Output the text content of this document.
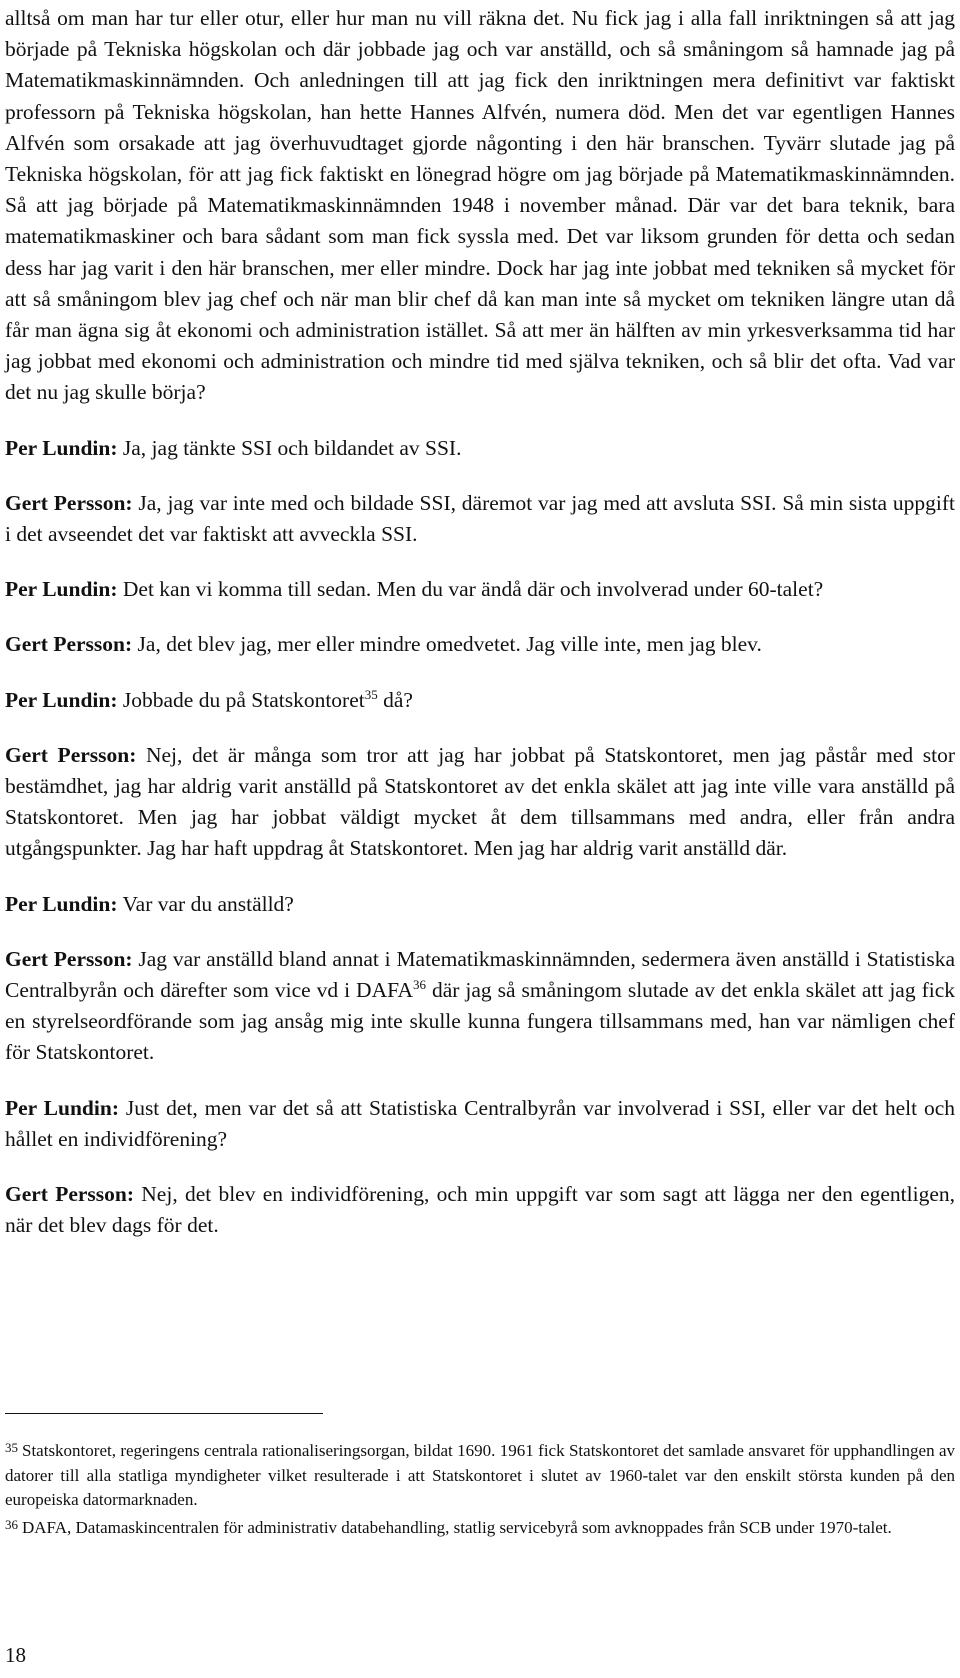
alltså om man har tur eller otur, eller hur man nu vill räkna det. Nu fick jag i alla fall inriktningen så att jag började på Tekniska högskolan och där jobbade jag och var anställd, och så småningom så hamnade jag på Matematikmaskinnämnden. Och anledningen till att jag fick den inriktningen mera definitivt var faktiskt professorn på Tekniska högskolan, han hette Hannes Alfvén, numera död. Men det var egentligen Hannes Alfvén som orsakade att jag överhuvudtaget gjorde någonting i den här branschen. Tyvärr slutade jag på Tekniska högskolan, för att jag fick faktiskt en lönegrad högre om jag började på Matematikmaskinnämnden. Så att jag började på Matematikmaskinnämnden 1948 i november månad. Där var det bara teknik, bara matematikmaskiner och bara sådant som man fick syssla med. Det var liksom grunden för detta och sedan dess har jag varit i den här branschen, mer eller mindre. Dock har jag inte jobbat med tekniken så mycket för att så småningom blev jag chef och när man blir chef då kan man inte så mycket om tekniken längre utan då får man ägna sig åt ekonomi och administration istället. Så att mer än hälften av min yrkesverksamma tid har jag jobbat med ekonomi och administration och mindre tid med själva tekniken, och så blir det ofta. Vad var det nu jag skulle börja?

Per Lundin: Ja, jag tänkte SSI och bildandet av SSI.

Gert Persson: Ja, jag var inte med och bildade SSI, däremot var jag med att avsluta SSI. Så min sista uppgift i det avseendet det var faktiskt att avveckla SSI.

Per Lundin: Det kan vi komma till sedan. Men du var ändå där och involverad under 60-talet?

Gert Persson: Ja, det blev jag, mer eller mindre omedvetet. Jag ville inte, men jag blev.

Per Lundin: Jobbade du på Statskontoret$^{35}$ då?

Gert Persson: Nej, det är många som tror att jag har jobbat på Statskontoret, men jag påstår med stor bestämdhet, jag har aldrig varit anställd på Statskontoret av det enkla skälet att jag inte ville vara anställd på Statskontoret. Men jag har jobbat väldigt mycket åt dem tillsammans med andra, eller från andra utgångspunkter. Jag har haft uppdrag åt Statskontoret. Men jag har aldrig varit anställd där.

Per Lundin: Var var du anställd?

Gert Persson: Jag var anställd bland annat i Matematikmaskinnämnden, sedermera även anställd i Statistiska Centralbyrån och därefter som vice vd i DAFA$^{36}$ där jag så småningom slutade av det enkla skälet att jag fick en styrelseordförande som jag ansåg mig inte skulle kunna fungera tillsammans med, han var nämligen chef för Statskontoret.

Per Lundin: Just det, men var det så att Statistiska Centralbyrån var involverad i SSI, eller var det helt och hållet en individförening?

Gert Persson: Nej, det blev en individförening, och min uppgift var som sagt att lägga ner den egentligen, när det blev dags för det.

$^{35}$ Statskontoret, regeringens centrala rationaliseringsorgan, bildat 1690. 1961 fick Statskontoret det samlade ansvaret för upphandlingen av datorer till alla statliga myndigheter vilket resulterade i att Statskontoret i slutet av 1960-talet var den enskilt största kunden på den europeiska datormarknaden.

$^{36}$ DAFA, Datamaskincentralen för administrativ databehandling, statlig servicebyrå som avknoppades från SCB under 1970-talet.

18
